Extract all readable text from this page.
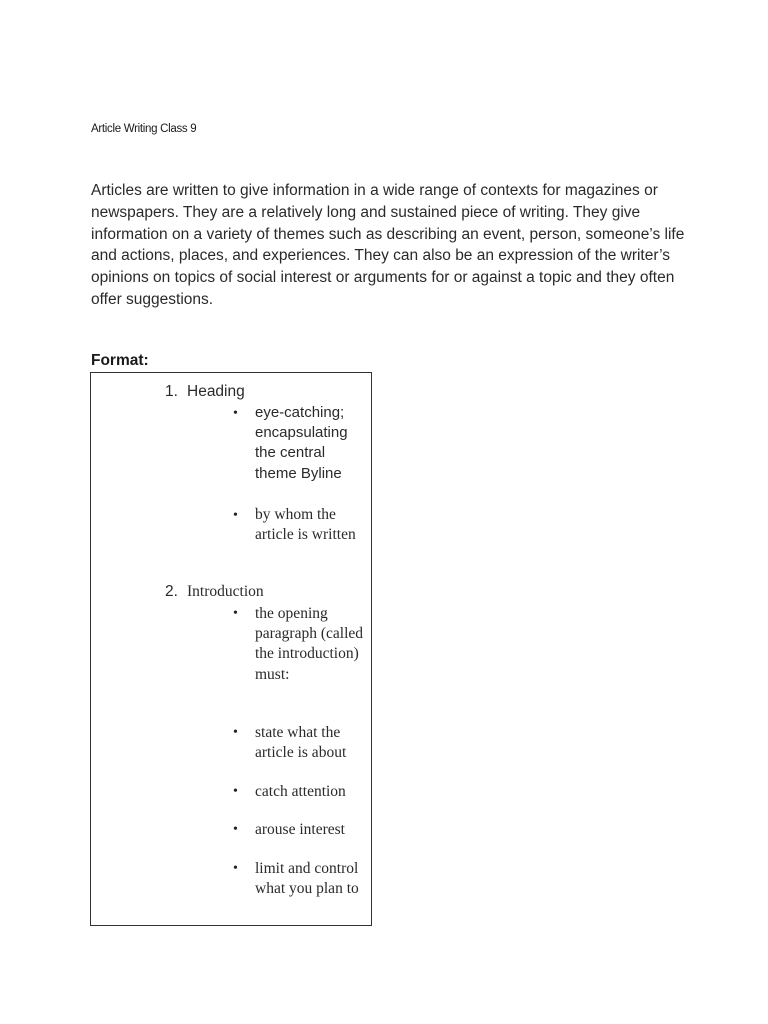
Article Writing Class 9

Articles are written to give information in a wide range of contexts for magazines or newspapers. They are a relatively long and sustained piece of writing. They give information on a variety of themes such as describing an event, person, someone’s life and actions, places, and experiences. They can also be an expression of the writer’s opinions on topics of social interest or arguments for or against a topic and they often offer suggestions.

Format:
1. Heading
•	eye-catching; encapsulating the central theme Byline

•	by whom the article is written

2. Introduction
•	the opening paragraph (called the introduction) must:

•	state what the article is about

•	catch attention

•	arouse interest

•	limit and control what you plan to
